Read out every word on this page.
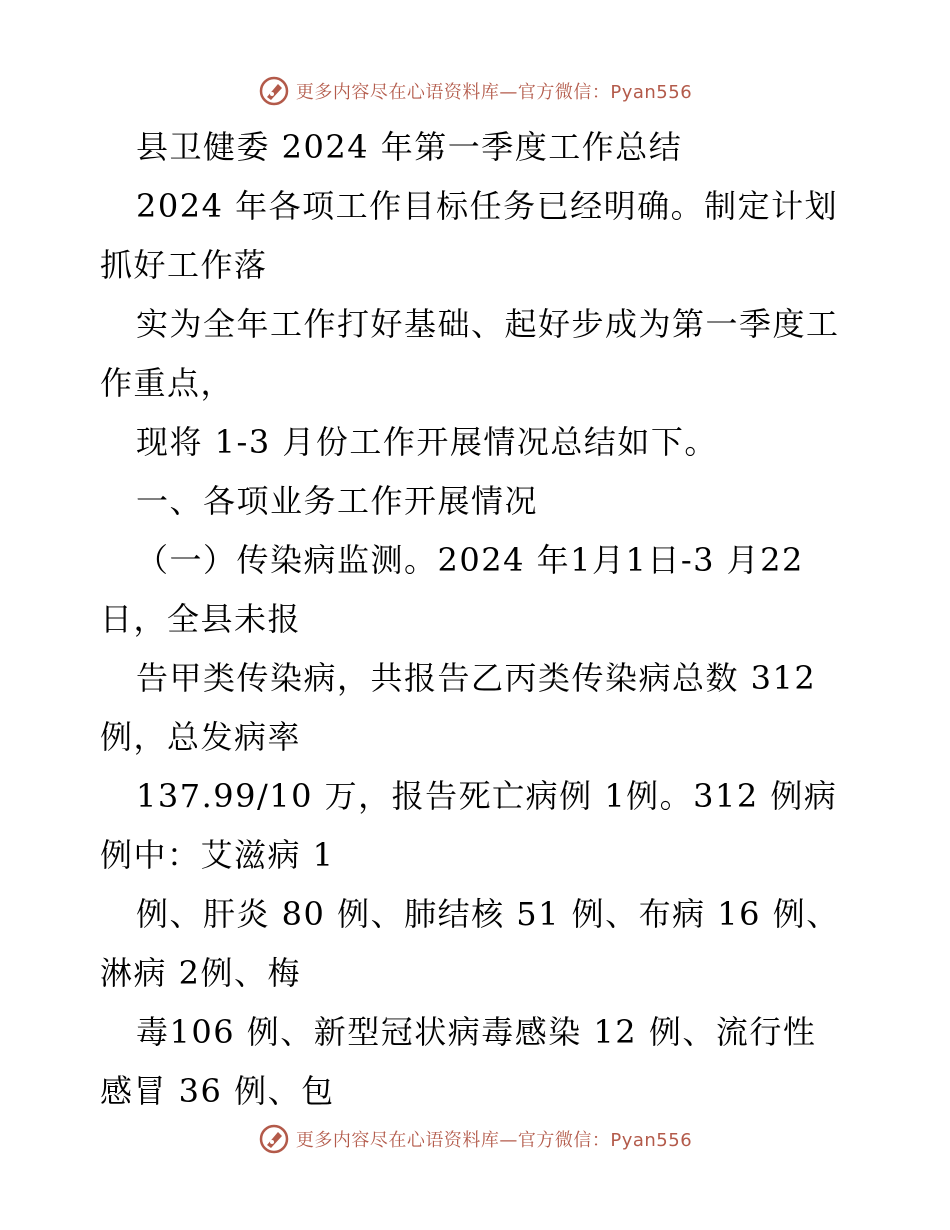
更多内容尽在心语资料库—官方微信：Pyan556
县卫健委 2024 年第一季度工作总结
2024 年各项工作目标任务已经明确。制定计划
抓好工作落
实为全年工作打好基础、起好步成为第一季度工
作重点，
现将 1-3 月份工作开展情况总结如下。
一、各项业务工作开展情况
（一）传染病监测。2024 年1月1日-3 月22
日，全县未报
告甲类传染病，共报告乙丙类传染病总数 312
例，总发病率
137.99/10 万，报告死亡病例 1例。312 例病
例中：艾滋病 1
例、肝炎 80 例、肺结核 51 例、布病 16 例、
淋病 2例、梅
毒106 例、新型冠状病毒感染 12 例、流行性
感冒 36 例、包
更多内容尽在心语资料库—官方微信：Pyan556
